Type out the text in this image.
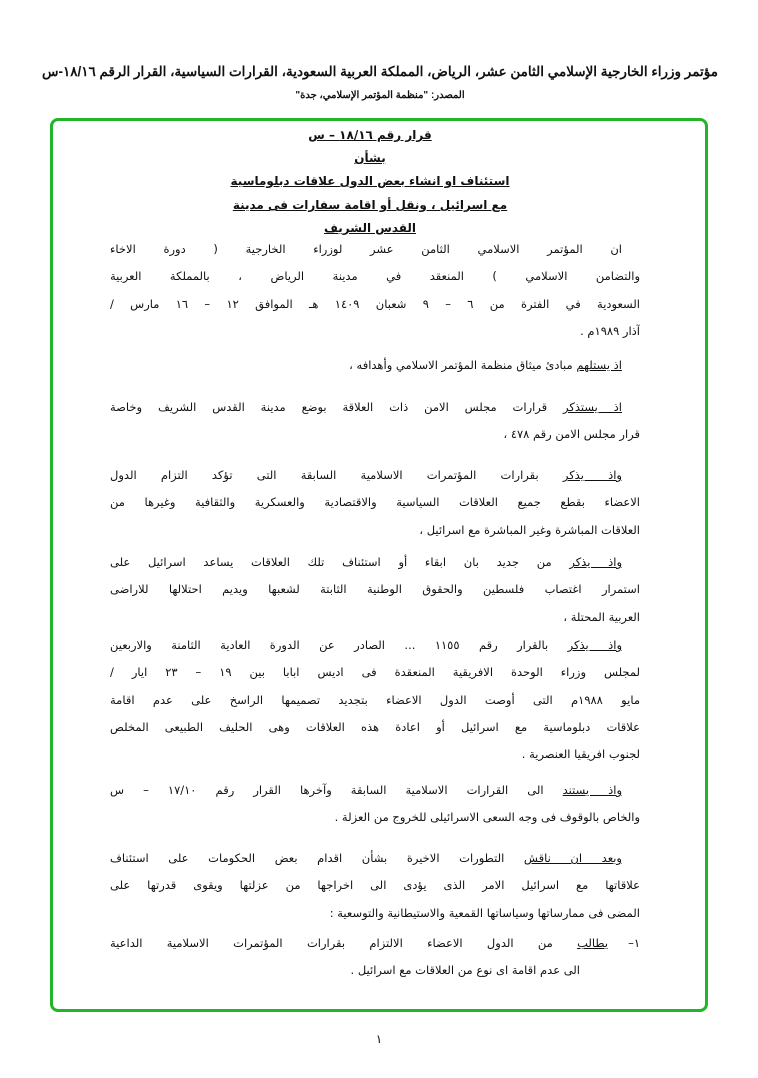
مؤتمر وزراء الخارجية الإسلامي الثامن عشر، الرياض، المملكة العربية السعودية، القرارات السياسية، القرار الرقم ١٨/١٦-س
المصدر: "منظمة المؤتمر الإسلامي، جدة"
قرار رقم ١٨/١٦ – س
بشأن
استئناف او انشاء بعض الدول علاقات دبلوماسية
مع اسرائيل ، ونقل أو اقامة سفارات فى مدينة
القدس الشريف
ان المؤتمر الاسلامي الثامن عشر لوزراء الخارجية ( دورة الاخاء
والتضامن الاسلامي ) المنعقد في مدينة الرياض ، بالمملكة العربية
السعودية في الفترة من ٦ – ٩ شعبان ١٤٠٩ هـ الموافق ١٢ – ١٦ مارس /
آذار ١٩٨٩م .
اذ يستلهم مبادئ ميثاق منظمة المؤتمر الاسلامي وأهدافه ،
اذ يستذكر قرارات مجلس الامن ذات العلاقة بوضع مدينة القدس الشريف وخاصة
قرار مجلس الامن رقم ٤٧٨ ،
واذ يذكر بقرارات المؤتمرات الاسلامية السابقة التى تؤكد التزام الدول
الاعضاء بقطع جميع العلاقات السياسية والاقتصادية والعسكرية والثقافية وغيرها من
العلاقات المباشرة وغير المباشرة مع اسرائيل ،
واذ يذكر من جديد بان ابقاء أو استئناف تلك العلاقات يساعد اسرائيل على
استمرار اغتصاب فلسطين والحقوق الوطنية الثابتة لشعبها ويديم احتلالها للاراضى
العربية المحتلة ،
واذ يذكر بالقرار رقم ١١٥٥ ... الصادر عن الدورة العادية الثامنة والاربعين
لمجلس وزراء الوحدة الافريقية المنعقدة فى اديس ابابا بين ١٩ – ٢٣ ايار /
مايو ١٩٨٨م التى أوصت الدول الاعضاء بتجديد تصميمها الراسخ على عدم اقامة
علاقات دبلوماسية مع اسرائيل أو اعادة هذه العلاقات وهى الحليف الطبيعى المخلص
لجنوب افريقيا العنصرية .
واذ يستند الى القرارات الاسلامية السابقة وآخرها القرار رقم ١٧/١٠ – س
والخاص بالوقوف فى وجه السعى الاسرائيلى للخروج من العزلة .
وبعد ان ناقش التطورات الاخيرة بشأن اقدام بعض الحكومات على استئناف
علاقاتها مع اسرائيل الامر الذى يؤدى الى اخراجها من عزلتها ويقوى قدرتها على
المضى فى ممارساتها وسياساتها القمعية والاستيطانية والتوسعية :
١–يطالب من الدول الاعضاء الالتزام بقرارات المؤتمرات الاسلامية الداعية
الى عدم اقامة اى نوع من العلاقات مع اسرائيل .
١
